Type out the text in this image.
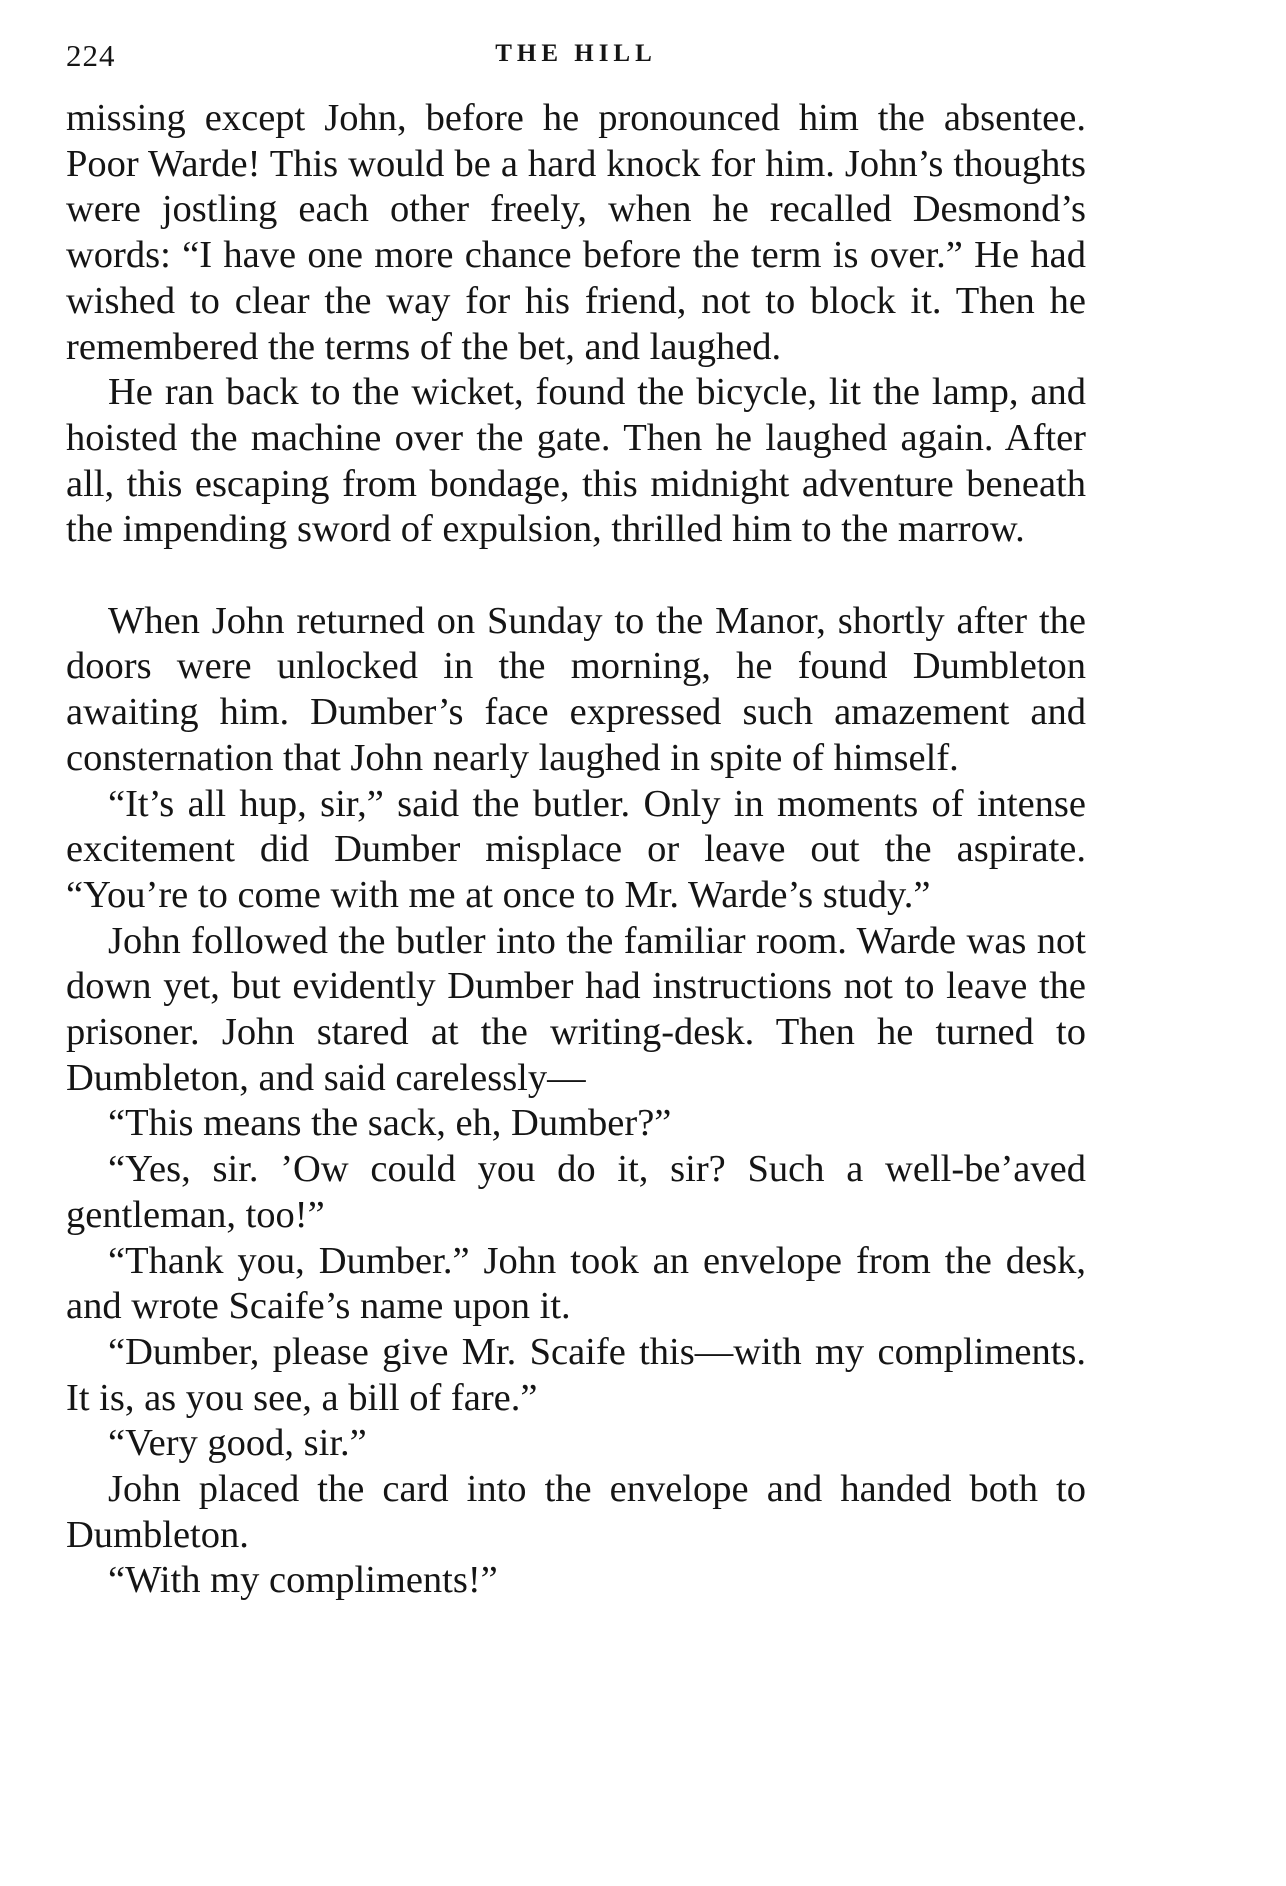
224	THE HILL

missing except John, before he pronounced him the absentee. Poor Warde! This would be a hard knock for him. John’s thoughts were jostling each other freely, when he recalled Desmond’s words: “I have one more chance before the term is over.” He had wished to clear the way for his friend, not to block it. Then he remembered the terms of the bet, and laughed.

He ran back to the wicket, found the bicycle, lit the lamp, and hoisted the machine over the gate. Then he laughed again. After all, this escaping from bondage, this midnight adventure beneath the impending sword of expulsion, thrilled him to the marrow.

When John returned on Sunday to the Manor, shortly after the doors were unlocked in the morning, he found Dumbleton awaiting him. Dumber’s face expressed such amazement and consternation that John nearly laughed in spite of himself.

“It’s all hup, sir,” said the butler. Only in moments of intense excitement did Dumber misplace or leave out the aspirate. “You’re to come with me at once to Mr. Warde’s study.”

John followed the butler into the familiar room. Warde was not down yet, but evidently Dumber had instructions not to leave the prisoner. John stared at the writing-desk. Then he turned to Dumbleton, and said carelessly—

“This means the sack, eh, Dumber?”

“Yes, sir. ’Ow could you do it, sir? Such a well-be’aved gentleman, too!”

“Thank you, Dumber.” John took an envelope from the desk, and wrote Scaife’s name upon it.

“Dumber, please give Mr. Scaife this—with my compliments. It is, as you see, a bill of fare.”

“Very good, sir.”

John placed the card into the envelope and handed both to Dumbleton.

“With my compliments!”
